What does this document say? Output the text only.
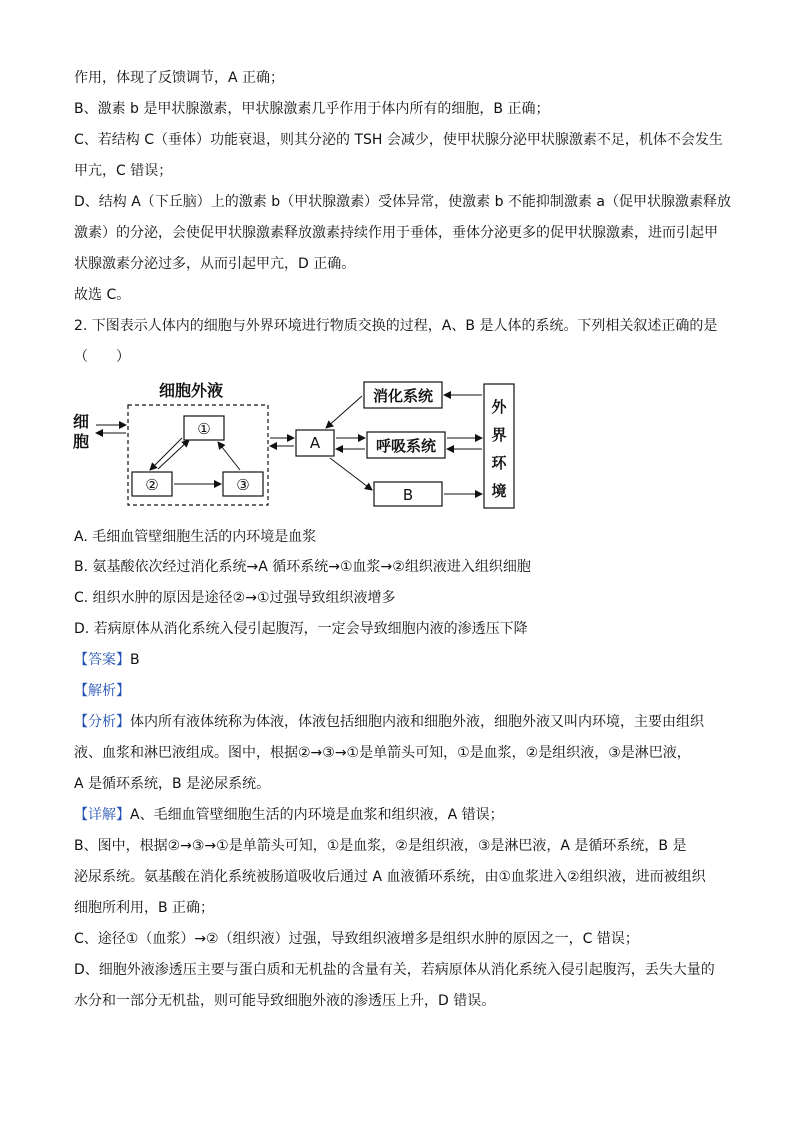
作用，体现了反馈调节，A 正确；
B、激素 b 是甲状腺激素，甲状腺激素几乎作用于体内所有的细胞，B 正确；
C、若结构 C（垂体）功能衰退，则其分泌的 TSH 会减少，使甲状腺分泌甲状腺激素不足，机体不会发生
甲亢，C 错误；
D、结构 A（下丘脑）上的激素 b（甲状腺激素）受体异常，使激素 b 不能抑制激素 a（促甲状腺激素释放
激素）的分泌，会使促甲状腺激素释放激素持续作用于垂体，垂体分泌更多的促甲状腺激素，进而引起甲
状腺激素分泌过多，从而引起甲亢，D 正确。
故选 C。
2. 下图表示人体内的细胞与外界环境进行物质交换的过程，A、B 是人体的系统。下列相关叙述正确的是
（　　）
细胞外液
细
胞
①
②	③
A
消化系统
呼吸系统
B
外
界
环
境
A. 毛细血管壁细胞生活的内环境是血浆
B. 氨基酸依次经过消化系统→A 循环系统→①血浆→②组织液进入组织细胞
C. 组织水肿的原因是途径②→①过强导致组织液增多
D. 若病原体从消化系统入侵引起腹泻，一定会导致细胞内液的渗透压下降
【答案】B
【解析】
【分析】体内所有液体统称为体液，体液包括细胞内液和细胞外液，细胞外液又叫内环境，主要由组织
液、血浆和淋巴液组成。图中，根据②→③→①是单箭头可知，①是血浆，②是组织液，③是淋巴液，
A 是循环系统，B 是泌尿系统。
【详解】A、毛细血管壁细胞生活的内环境是血浆和组织液，A 错误；
B、图中，根据②→③→①是单箭头可知，①是血浆，②是组织液，③是淋巴液，A 是循环系统，B 是
泌尿系统。氨基酸在消化系统被肠道吸收后通过 A 血液循环系统，由①血浆进入②组织液，进而被组织
细胞所利用，B 正确；
C、途径①（血浆）→②（组织液）过强，导致组织液增多是组织水肿的原因之一，C 错误；
D、细胞外液渗透压主要与蛋白质和无机盐的含量有关，若病原体从消化系统入侵引起腹泻，丢失大量的
水分和一部分无机盐，则可能导致细胞外液的渗透压上升，D 错误。
